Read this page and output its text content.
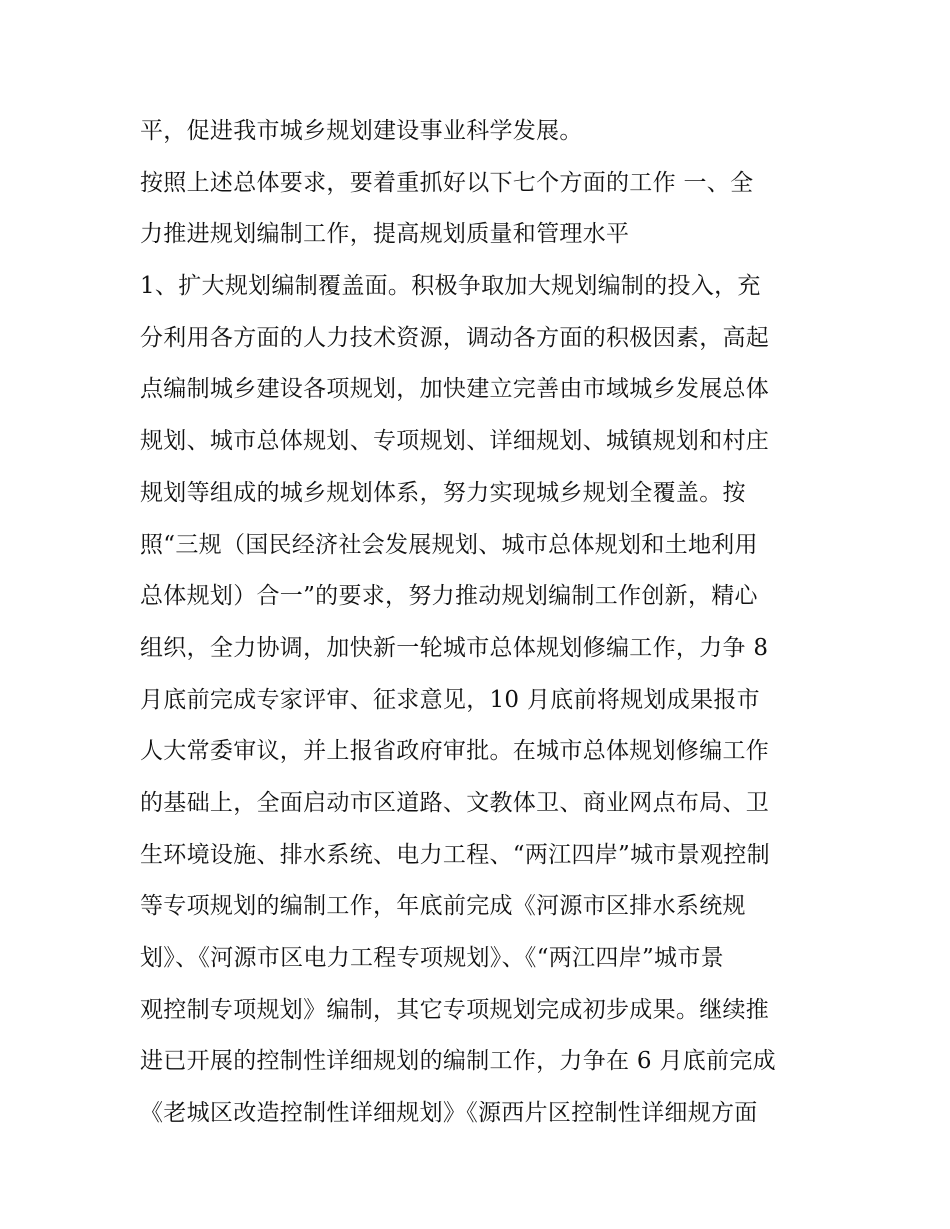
平，促进我市城乡规划建设事业科学发展。
按照上述总体要求，要着重抓好以下七个方面的工作 一、全
力推进规划编制工作，提高规划质量和管理水平
1、扩大规划编制覆盖面。积极争取加大规划编制的投入，充
分利用各方面的人力技术资源，调动各方面的积极因素，高起
点编制城乡建设各项规划，加快建立完善由市域城乡发展总体
规划、城市总体规划、专项规划、详细规划、城镇规划和村庄
规划等组成的城乡规划体系，努力实现城乡规划全覆盖。按
照“三规（国民经济社会发展规划、城市总体规划和土地利用
总体规划）合一”的要求，努力推动规划编制工作创新，精心
组织，全力协调，加快新一轮城市总体规划修编工作，力争 8
月底前完成专家评审、征求意见，10 月底前将规划成果报市
人大常委审议，并上报省政府审批。在城市总体规划修编工作
的基础上，全面启动市区道路、文教体卫、商业网点布局、卫
生环境设施、排水系统、电力工程、“两江四岸”城市景观控制
等专项规划的编制工作，年底前完成《河源市区排水系统规
划》、《河源市区电力工程专项规划》、《“两江四岸”城市景
观控制专项规划》编制，其它专项规划完成初步成果。继续推
进已开展的控制性详细规划的编制工作，力争在 6 月底前完成
《老城区改造控制性详细规划》《源西片区控制性详细规方面
